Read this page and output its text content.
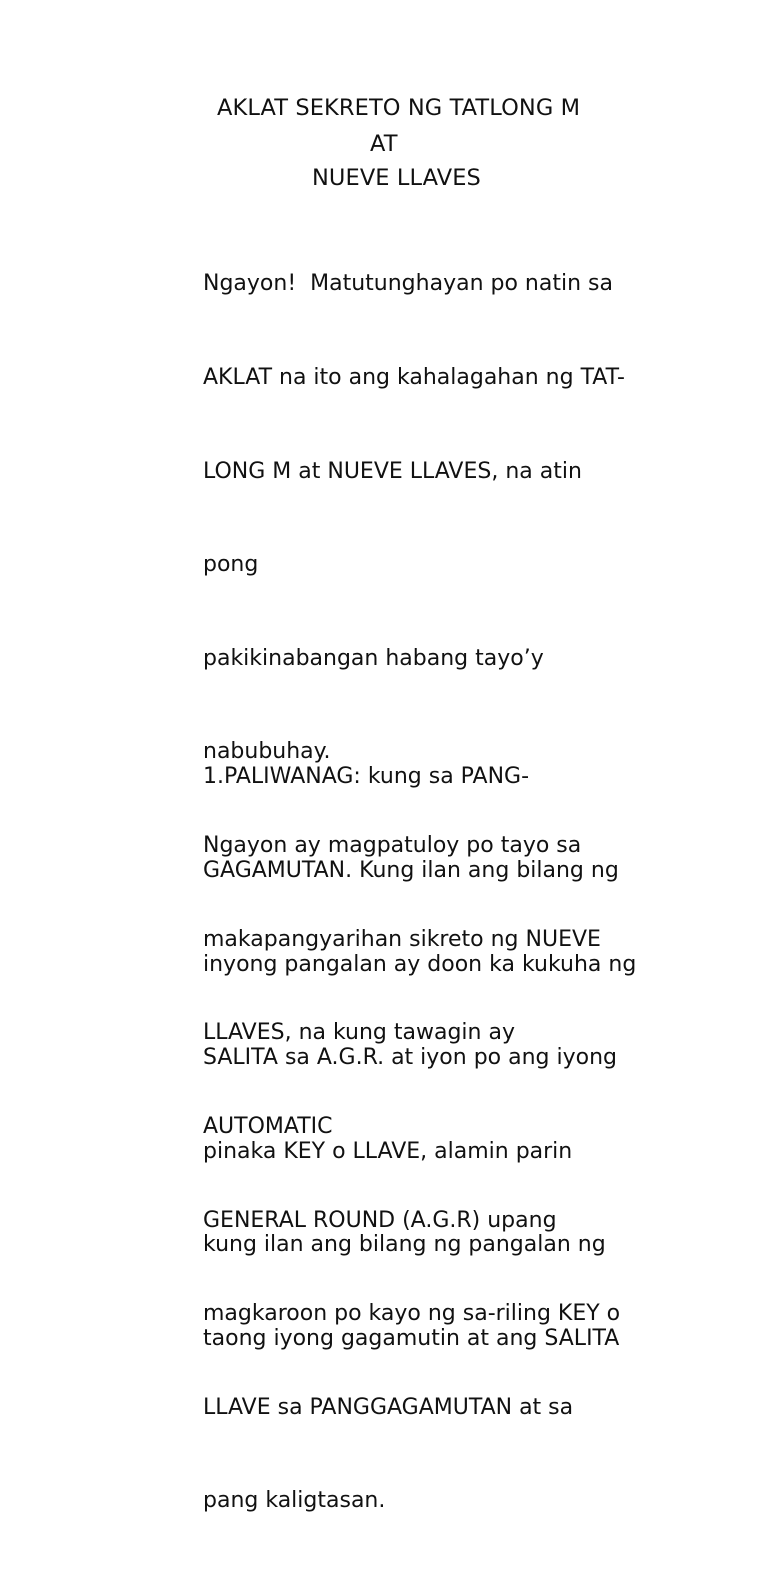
AKLAT SEKRETO NG TATLONG M
AT
NUEVE LLAVES

Ngayon!  Matutunghayan po natin sa

AKLAT na ito ang kahalagahan ng TAT-

LONG M at NUEVE LLAVES, na atin

pong

pakikinabangan habang tayo’y

nabubuhay.

Ngayon ay magpatuloy po tayo sa

makapangyarihan sikreto ng NUEVE

LLAVES, na kung tawagin ay

AUTOMATIC

GENERAL ROUND (A.G.R) upang

magkaroon po kayo ng sa-riling KEY o

LLAVE sa PANGGAGAMUTAN at sa

pang kaligtasan.

1.PALIWANAG: kung sa PANG-

GAGAMUTAN. Kung ilan ang bilang ng

inyong pangalan ay doon ka kukuha ng

SALITA sa A.G.R. at iyon po ang iyong

pinaka KEY o LLAVE, alamin parin

kung ilan ang bilang ng pangalan ng

taong iyong gagamutin at ang SALITA
